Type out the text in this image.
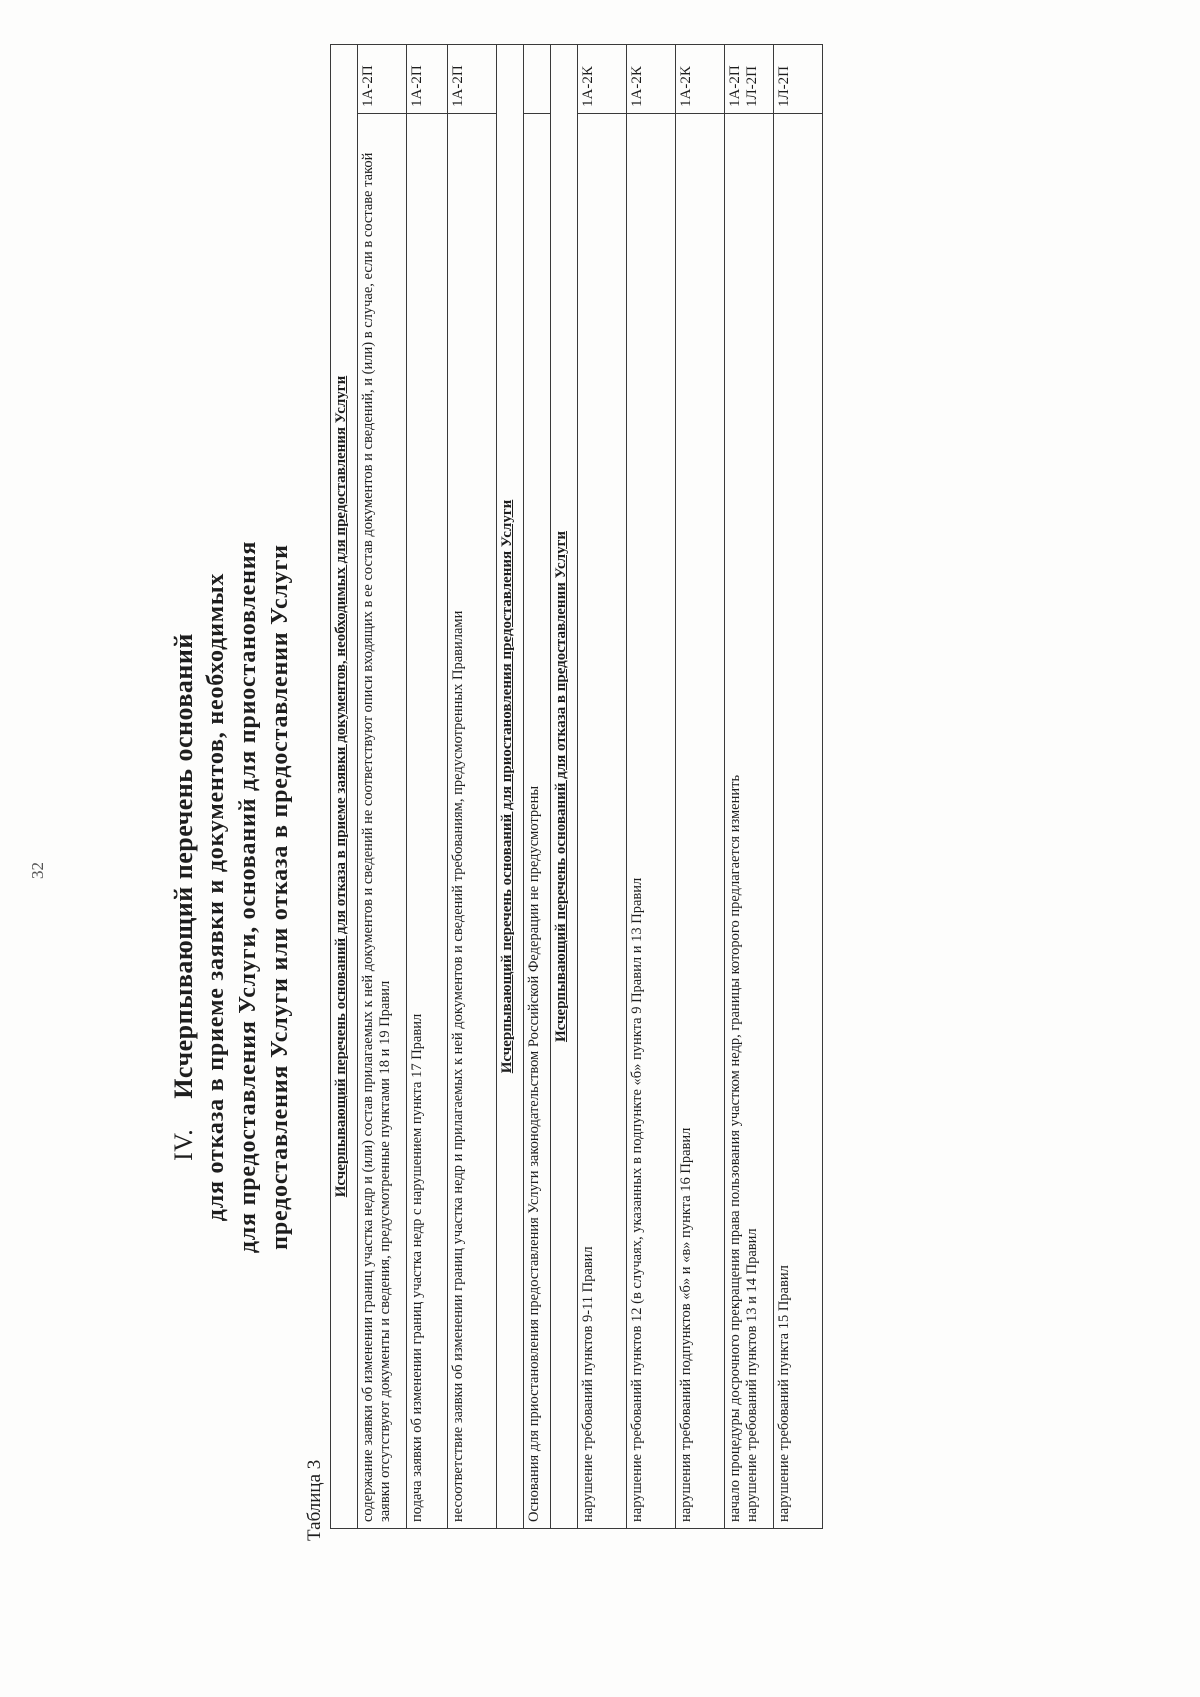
32
IV.Исчерпывающий перечень оснований для отказа в приеме заявки и документов, необходимых для предоставления Услуги, оснований для приостановления предоставления Услуги или отказа в предоставлении Услуги
Таблица 3
Исчерпывающий перечень оснований для отказа в приеме заявки документов, необходимых для предоставления Услуги	
содержание заявки об изменении границ участка недр и (или) состав прилагаемых к ней документов и сведений не соответствуют описи входящих в ее состав документов и сведений, и (или) в случае, если в составе такой заявки отсутствуют документы и сведения, предусмотренные пунктами 18 и 19 Правил	1А-2П
подача заявки об изменении границ участка недр с нарушением пункта 17 Правил	1А-2П
несоответствие заявки об изменении границ участка недр и прилагаемых к ней документов и сведений требованиям, предусмотренных Правилами	1А-2П
Исчерпывающий перечень оснований для приостановления предоставления Услуги	
Основания для приостановления предоставления Услуги законодательством Российской Федерации не предусмотрены	
Исчерпывающий перечень оснований для отказа в предоставлении Услуги	
нарушение требований пунктов 9-11 Правил	1А-2К
нарушение требований пунктов 12 (в случаях, указанных в подпункте «б» пункта 9 Правил и 13 Правил	1А-2К
нарушения требований подпунктов «б» и «в» пункта 16 Правил	1А-2К

начало процедуры досрочного прекращения права пользования участком недр, границы которого предлагается изменить нарушение требований пунктов 13 и 14 Правил	1А-2П 1Л-2П

нарушение требований пункта 15 Правил	1Л-2П
